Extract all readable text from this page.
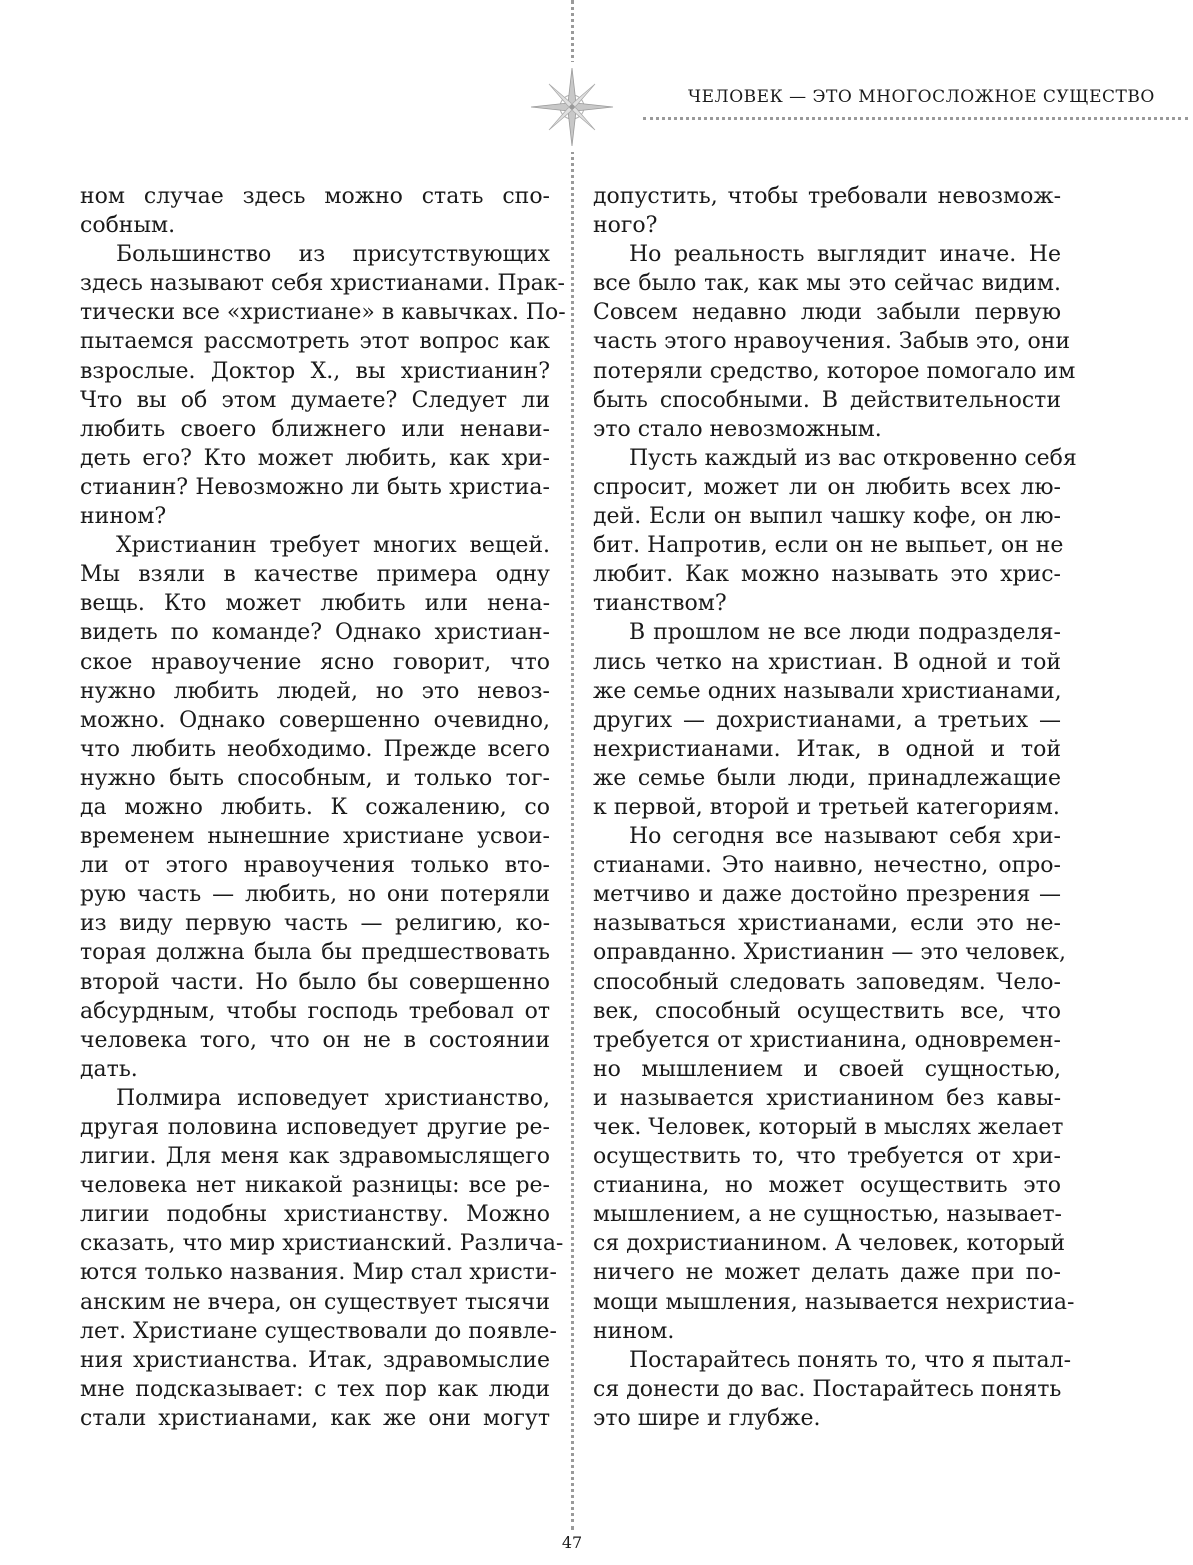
ЧЕЛОВЕК — ЭТО МНОГОСЛОЖНОЕ СУЩЕСТВО
ном случае здесь можно стать спо-
собным.
Большинство из присутствующих
здесь называют себя христианами. Прак-
тически все «христиане» в кавычках. По-
пытаемся рассмотреть этот вопрос как
взрослые. Доктор Х., вы христианин?
Что вы об этом думаете? Следует ли
любить своего ближнего или ненави-
деть его? Кто может любить, как хри-
стианин? Невозможно ли быть христиа-
нином?
Христианин требует многих вещей.
Мы взяли в качестве примера одну
вещь. Кто может любить или нена-
видеть по команде? Однако христиан-
ское нравоучение ясно говорит, что
нужно любить людей, но это невоз-
можно. Однако совершенно очевидно,
что любить необходимо. Прежде всего
нужно быть способным, и только тог-
да можно любить. К сожалению, со
временем нынешние христиане усвои-
ли от этого нравоучения только вто-
рую часть — любить, но они потеряли
из виду первую часть — религию, ко-
торая должна была бы предшествовать
второй части. Но было бы совершенно
абсурдным, чтобы господь требовал от
человека того, что он не в состоянии
дать.
Полмира исповедует христианство,
другая половина исповедует другие ре-
лигии. Для меня как здравомыслящего
человека нет никакой разницы: все ре-
лигии подобны христианству. Можно
сказать, что мир христианский. Различа-
ются только названия. Мир стал христи-
анским не вчера, он существует тысячи
лет. Христиане существовали до появле-
ния христианства. Итак, здравомыслие
мне подсказывает: с тех пор как люди
стали христианами, как же они могут
допустить, чтобы требовали невозмож-
ного?
Но реальность выглядит иначе. Не
все было так, как мы это сейчас видим.
Совсем недавно люди забыли первую
часть этого нравоучения. Забыв это, они
потеряли средство, которое помогало им
быть способными. В действительности
это стало невозможным.
Пусть каждый из вас откровенно себя
спросит, может ли он любить всех лю-
дей. Если он выпил чашку кофе, он лю-
бит. Напротив, если он не выпьет, он не
любит. Как можно называть это хрис-
тианством?
В прошлом не все люди подразделя-
лись четко на христиан. В одной и той
же семье одних называли христианами,
других — дохристианами, а третьих —
нехристианами. Итак, в одной и той
же семье были люди, принадлежащие
к первой, второй и третьей категориям.
Но сегодня все называют себя хри-
стианами. Это наивно, нечестно, опро-
метчиво и даже достойно презрения —
называться христианами, если это не-
оправданно. Христианин — это человек,
способный следовать заповедям. Чело-
век, способный осуществить все, что
требуется от христианина, одновремен-
но мышлением и своей сущностью,
и называется христианином без кавы-
чек. Человек, который в мыслях желает
осуществить то, что требуется от хри-
стианина, но может осуществить это
мышлением, а не сущностью, называет-
ся дохристианином. А человек, который
ничего не может делать даже при по-
мощи мышления, называется нехристиа-
нином.
Постарайтесь понять то, что я пытал-
ся донести до вас. Постарайтесь понять
это шире и глубже.
47
